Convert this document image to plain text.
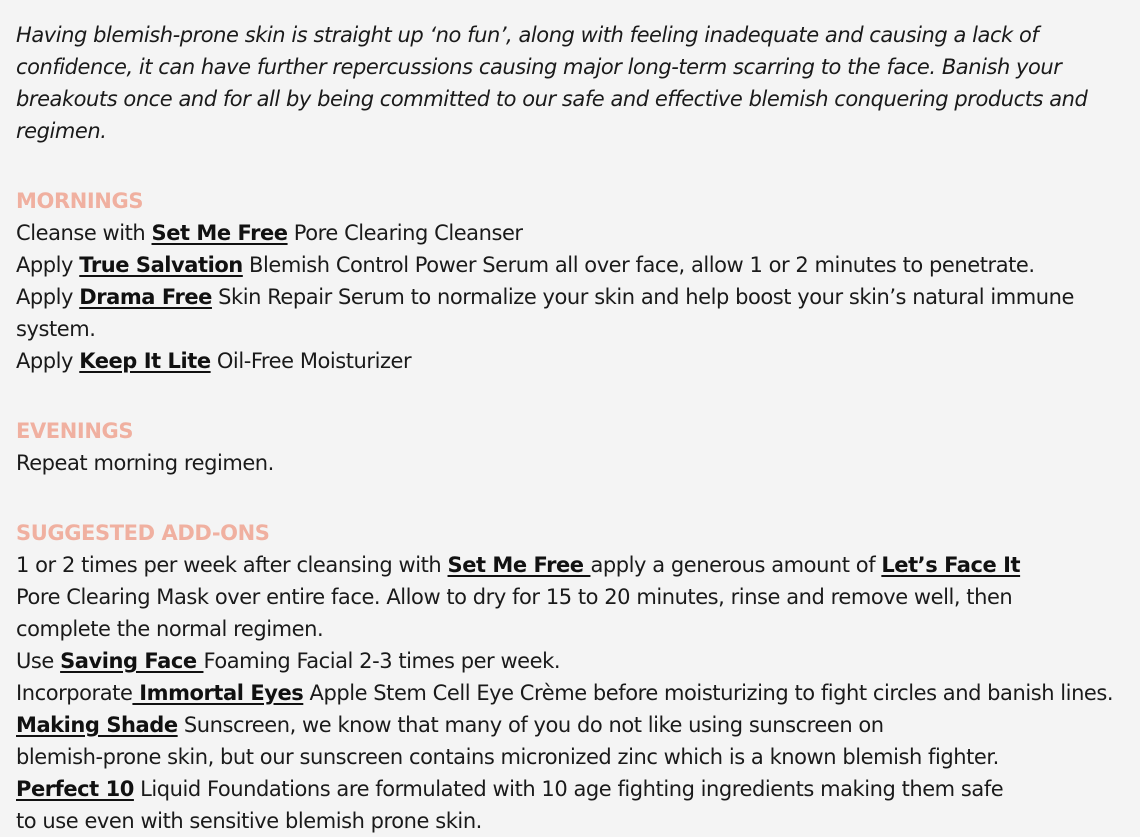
Having blemish-prone skin is straight up ‘no fun’, along with feeling inadequate and causing a lack of confidence, it can have further repercussions causing major long-term scarring to the face. Banish your breakouts once and for all by being committed to our safe and effective blemish conquering products and regimen.

MORNINGS

Cleanse with Set Me Free Pore Clearing Cleanser

Apply True Salvation Blemish Control Power Serum all over face, allow 1 or 2 minutes to penetrate.

Apply Drama Free Skin Repair Serum to normalize your skin and help boost your skin’s natural immune system.

Apply Keep It Lite Oil-Free Moisturizer

EVENINGS

Repeat morning regimen.

SUGGESTED ADD-ONS

1 or 2 times per week after cleansing with Set Me Free apply a generous amount of Let’s Face It

Pore Clearing Mask over entire face. Allow to dry for 15 to 20 minutes, rinse and remove well, then

complete the normal regimen.

Use Saving Face Foaming Facial 2-3 times per week.

Incorporate Immortal Eyes Apple Stem Cell Eye Crème before moisturizing to fight circles and banish lines.

Making Shade Sunscreen, we know that many of you do not like using sunscreen on

blemish-prone skin, but our sunscreen contains micronized zinc which is a known blemish fighter.

Perfect 10 Liquid Foundations are formulated with 10 age fighting ingredients making them safe

to use even with sensitive blemish prone skin.
